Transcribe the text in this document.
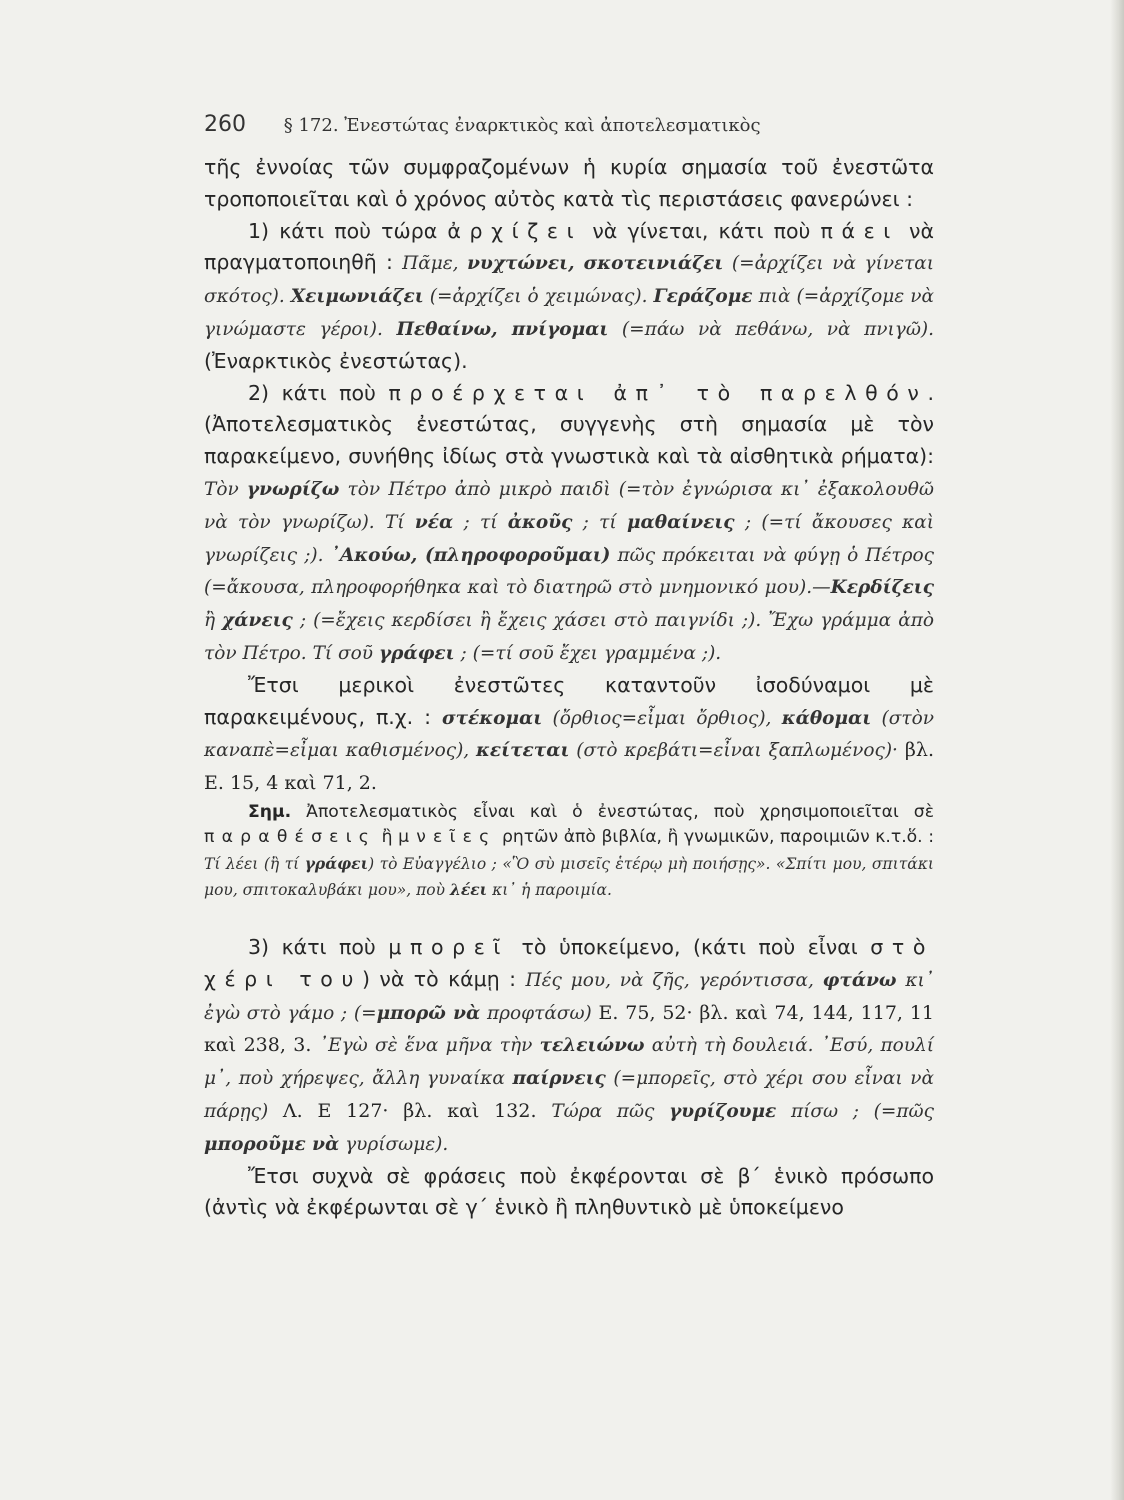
260 § 172. Ἐνεστώτας ἐναρκτικὸς καὶ ἀποτελεσματικὸς

τῆς ἐννοίας τῶν συμφραζομένων ἡ κυρία σημασία τοῦ ἐνεστῶτα τροποποιεῖται καὶ ὁ χρόνος αὐτὸς κατὰ τὶς περιστάσεις φανερώνει :

1) κάτι ποὺ τώρα ἀρχίζει νὰ γίνεται, κάτι ποὺ πάει νὰ πραγματοποιηθῆ : Πᾶμε, νυχτώνει, σκοτεινιάζει (=ἀρχίζει νὰ γίνεται σκότος). Χειμωνιάζει (=ἀρχίζει ὁ χειμώνας). Γεράζομε πιὰ (=ἀρχίζομε νὰ γινώμαστε γέροι). Πεθαίνω, πνίγομαι (=πάω νὰ πεθάνω, νὰ πνιγῶ). (Ἐναρκτικὸς ἐνεστώτας).

2) κάτι ποὺ προέρχεται ἀπ᾿ τὸ παρελθόν. (Ἀποτελεσματικὸς ἐνεστώτας, συγγενὴς στὴ σημασία μὲ τὸν παρακείμενο, συνήθης ἰδίως στὰ γνωστικὰ καὶ τὰ αἰσθητικὰ ρήματα): Τὸν γνωρίζω τὸν Πέτρο ἀπὸ μικρὸ παιδὶ (=τὸν ἐγνώρισα κι᾿ ἐξακολουθῶ νὰ τὸν γνωρίζω). Τί νέα ; τί ἀκοῦς ; τί μαθαίνεις ; (=τί ἄκουσες καὶ γνωρίζεις ;). ᾿Ακούω, (πληροφοροῦμαι) πῶς πρόκειται νὰ φύγῃ ὁ Πέτρος (=ἄκουσα, πληροφορήθηκα καὶ τὸ διατηρῶ στὸ μνημονικό μου).—Κερδίζεις ἢ χάνεις ; (=ἔχεις κερδίσει ἢ ἔχεις χάσει στὸ παιγνίδι ;). Ἔχω γράμμα ἀπὸ τὸν Πέτρο. Τί σοῦ γράφει ; (=τί σοῦ ἔχει γραμμένα ;).

Ἔτσι μερικοὶ ἐνεστῶτες καταντοῦν ἰσοδύναμοι μὲ παρακειμένους, π.χ. : στέκομαι (ὄρθιος=εἶμαι ὄρθιος), κάθομαι (στὸν καναπὲ=εἶμαι καθισμένος), κείτεται (στὸ κρεβάτι=εἶναι ξαπλωμένος)· βλ. Ε. 15, 4 καὶ 71, 2.

Σημ. Ἀποτελεσματικὸς εἶναι καὶ ὁ ἐνεστώτας, ποὺ χρησιμοποιεῖται σὲ παραθέσεις ἢ μνεῖες ρητῶν ἀπὸ βιβλία, ἢ γνωμικῶν, παροιμιῶν κ.τ.ὅ. : Τί λέει (ἢ τί γράφει) τὸ Εὐαγγέλιο ; «Ὃ σὺ μισεῖς ἑτέρῳ μὴ ποιήσῃς». «Σπίτι μου, σπιτάκι μου, σπιτοκαλυβάκι μου», ποὺ λέει κι᾿ ἡ παροιμία.

3) κάτι ποὺ μπορεῖ τὸ ὑποκείμενο, (κάτι ποὺ εἶναι στὸ χέρι του) νὰ τὸ κάμῃ : Πές μου, νὰ ζῆς, γερόντισσα, φτάνω κι᾿ ἐγὼ στὸ γάμο ; (=μπορῶ νὰ προφτάσω) Ε. 75, 52· βλ. καὶ 74, 144, 117, 11 καὶ 238, 3. ᾿Εγὼ σὲ ἕνα μῆνα τὴν τελειώνω αὐτὴ τὴ δουλειά. ᾿Εσύ, πουλί μ᾿, ποὺ χήρεψες, ἄλλη γυναίκα παίρνεις (=μπορεῖς, στὸ χέρι σου εἶναι νὰ πάρῃς) Λ. Ε 127· βλ. καὶ 132. Τώρα πῶς γυρίζουμε πίσω ; (=πῶς μποροῦμε νὰ γυρίσωμε).

Ἔτσι συχνὰ σὲ φράσεις ποὺ ἐκφέρονται σὲ β΄ ἑνικὸ πρόσωπο (ἀντὶς νὰ ἐκφέρωνται σὲ γ΄ ἑνικὸ ἢ πληθυντικὸ μὲ ὑποκείμενο
